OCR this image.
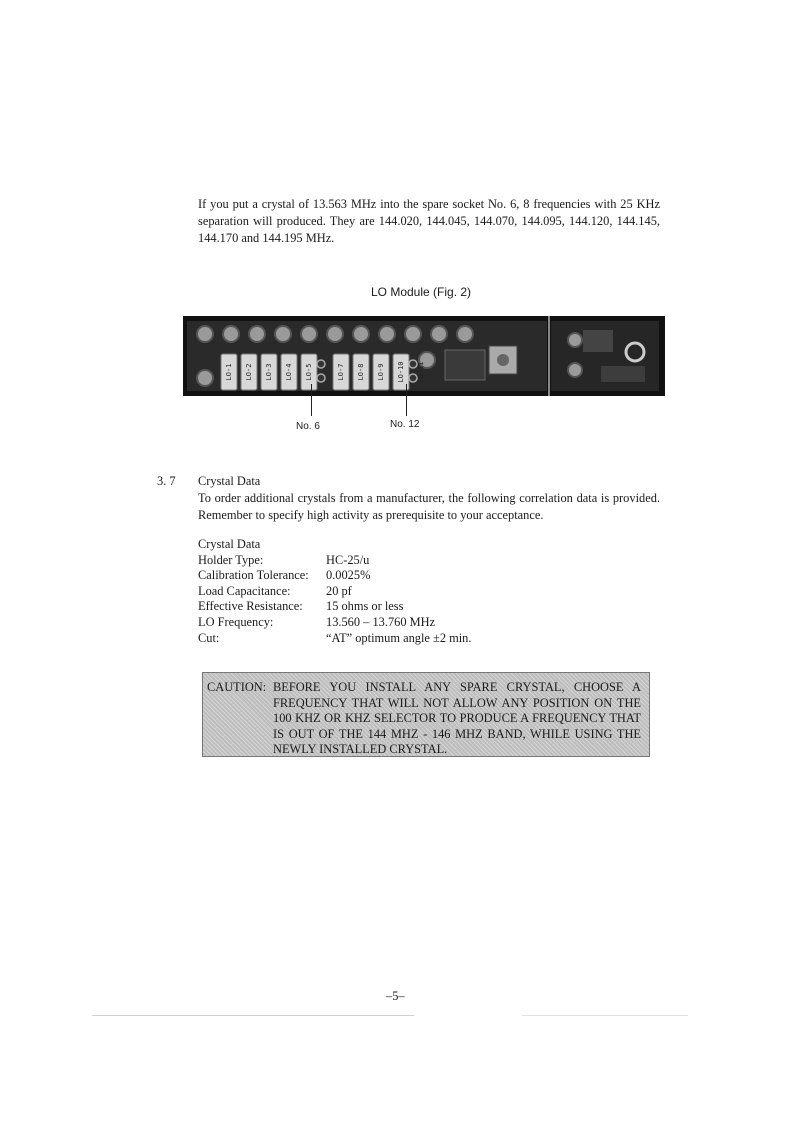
If you put a crystal of 13.563 MHz into the spare socket No. 6, 8 frequencies with 25 KHz separation will produced. They are 144.020, 144.045, 144.070, 144.095, 144.120, 144.145, 144.170 and 144.195 MHz.
LO Module (Fig. 2)
LO-1 LO-2 LO-3 LO-4 LO-5	LO-7 LO-8 LO-9 LO-10 LO-11
No. 6	No. 12
3. 7 Crystal Data
To order additional crystals from a manufacturer, the following correlation data is provided. Remember to specify high activity as prerequisite to your acceptance.
Crystal Data
Holder Type:	HC-25/u
Calibration Tolerance:	0.0025%
Load Capacitance:	20 pf
Effective Resistance:	15 ohms or less
LO Frequency:	13.560 – 13.760 MHz
Cut:	“AT” optimum angle ±2 min.
CAUTION: BEFORE YOU INSTALL ANY SPARE CRYSTAL, CHOOSE A FREQUENCY THAT WILL NOT ALLOW ANY POSITION ON THE 100 KHZ OR KHZ SELECTOR TO PRODUCE A FREQUENCY THAT IS OUT OF THE 144 MHZ - 146 MHZ BAND, WHILE USING THE NEWLY INSTALLED CRYSTAL.
–5–
